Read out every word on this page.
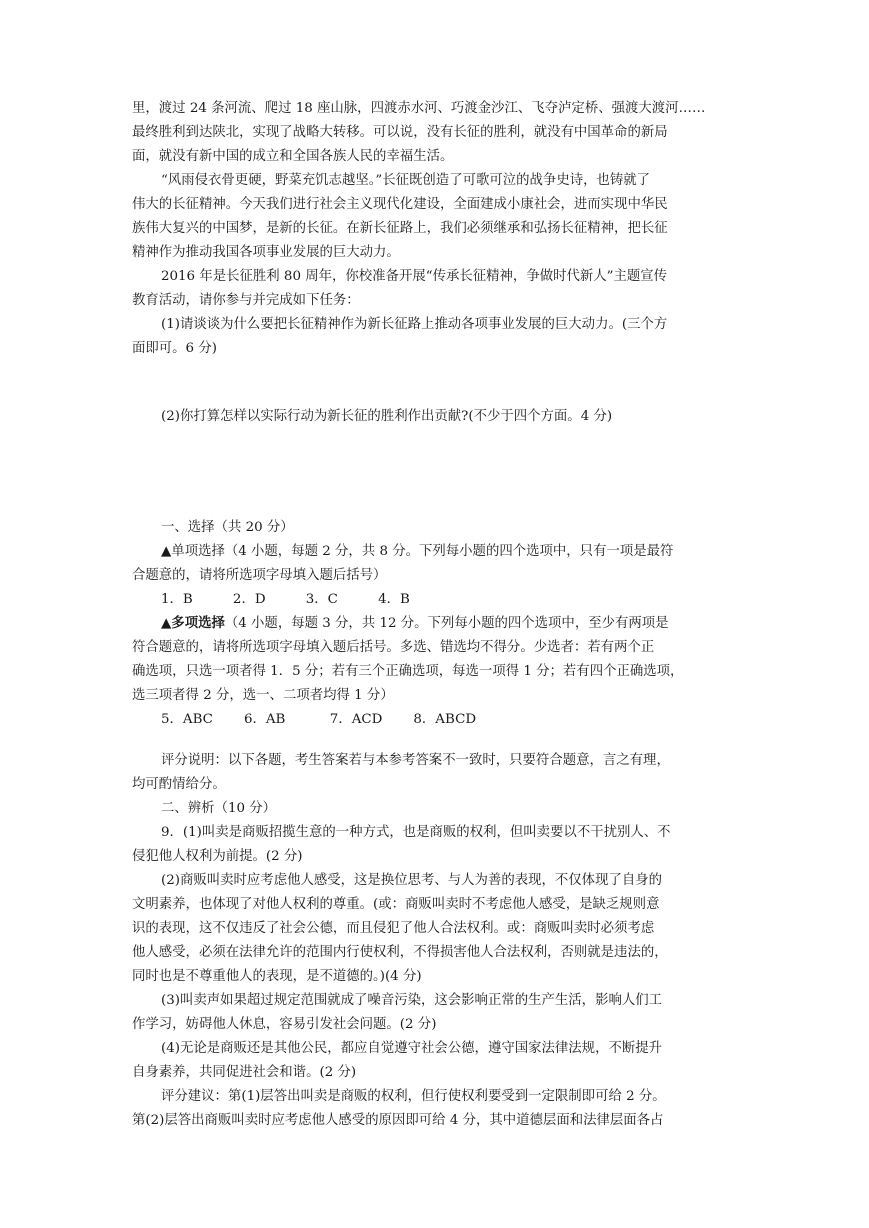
里，渡过 24 条河流、爬过 18 座山脉，四渡赤水河、巧渡金沙江、飞夺泸定桥、强渡大渡河……
最终胜利到达陕北，实现了战略大转移。可以说，没有长征的胜利，就没有中国革命的新局
面，就没有新中国的成立和全国各族人民的幸福生活。
“风雨侵衣骨更硬，野菜充饥志越坚。”长征既创造了可歌可泣的战争史诗，也铸就了
伟大的长征精神。今天我们进行社会主义现代化建设，全面建成小康社会，进而实现中华民
族伟大复兴的中国梦，是新的长征。在新长征路上，我们必须继承和弘扬长征精神，把长征
精神作为推动我国各项事业发展的巨大动力。
2016 年是长征胜利 80 周年，你校准备开展“传承长征精神，争做时代新人”主题宣传
教育活动，请你参与并完成如下任务：
(1)请谈谈为什么要把长征精神作为新长征路上推动各项事业发展的巨大动力。(三个方
面即可。6 分)
(2)你打算怎样以实际行动为新长征的胜利作出贡献?(不少于四个方面。4 分)
一、选择（共 20 分）
▲单项选择（4 小题，每题 2 分，共 8 分。下列每小题的四个选项中，只有一项是最符
合题意的，请将所选项字母填入题后括号）
1．B　　　2．D　　　3．C　　　4．B
▲多项选择（4 小题，每题 3 分，共 12 分。下列每小题的四个选项中，至少有两项是
符合题意的，请将所选项字母填入题后括号。多选、错选均不得分。少选者：若有两个正
确选项，只选一项者得 1．5 分；若有三个正确选项，每选一项得 1 分；若有四个正确选项，
选三项者得 2 分，选一、二项者均得 1 分）
5．ABC　　 6．AB　　　 7．ACD　　 8．ABCD
评分说明：以下各题，考生答案若与本参考答案不一致时，只要符合题意，言之有理，
均可酌情给分。
二、辨析（10 分）
9．(1)叫卖是商贩招揽生意的一种方式，也是商贩的权利，但叫卖要以不干扰别人、不
侵犯他人权利为前提。(2 分)
(2)商贩叫卖时应考虑他人感受，这是换位思考、与人为善的表现，不仅体现了自身的
文明素养，也体现了对他人权利的尊重。(或：商贩叫卖时不考虑他人感受，是缺乏规则意
识的表现，这不仅违反了社会公德，而且侵犯了他人合法权利。或：商贩叫卖时必须考虑
他人感受，必须在法律允许的范围内行使权利，不得损害他人合法权利，否则就是违法的，
同时也是不尊重他人的表现，是不道德的。)(4 分)
(3)叫卖声如果超过规定范围就成了噪音污染，这会影响正常的生产生活，影响人们工
作学习，妨碍他人休息，容易引发社会问题。(2 分)
(4)无论是商贩还是其他公民，都应自觉遵守社会公德，遵守国家法律法规，不断提升
自身素养，共同促进社会和谐。(2 分)
评分建议：第(1)层答出叫卖是商贩的权利，但行使权利要受到一定限制即可给 2 分。
第(2)层答出商贩叫卖时应考虑他人感受的原因即可给 4 分，其中道德层面和法律层面各占
